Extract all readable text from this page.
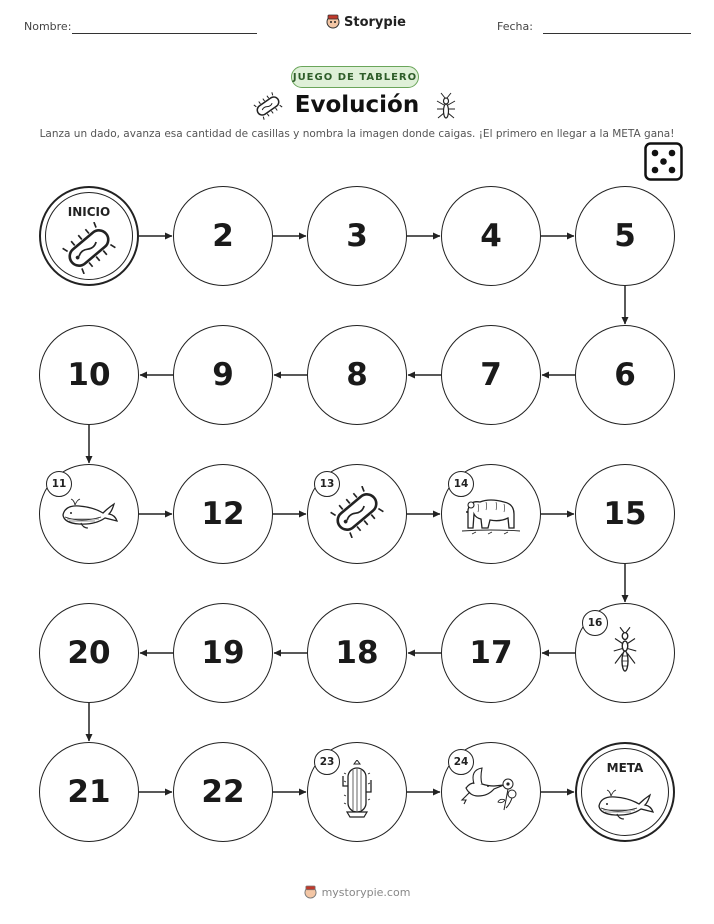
Nombre:	Storypie	Fecha:
JUEGO DE TABLERO
Evolución
Lanza un dado, avanza esa cantidad de casillas y nombra la imagen donde caigas. ¡El primero en llegar a la META gana!
INICIO
2	3	4	5
6
7
8
9
10
11
12
13	14
15
16
17
18
19
20
21	22
23	24	META
mystorypie.com
